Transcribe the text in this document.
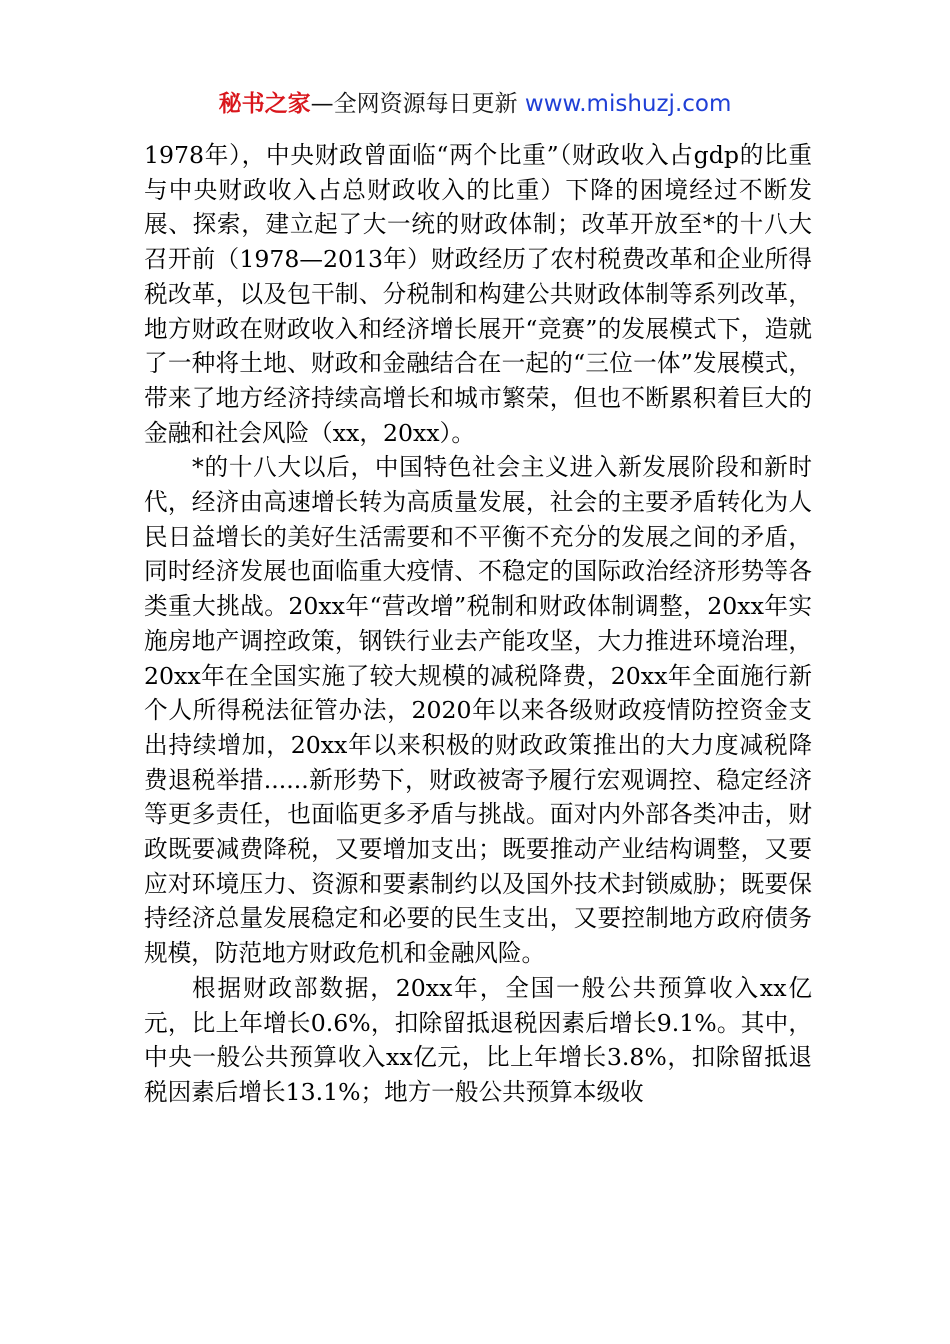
秘书之家—全网资源每日更新 www.mishuzj.com

1978年），中央财政曾面临“两个比重”（财政收入占gdp的比重与中央财政收入占总财政收入的比重）下降的困境经过不断发展、探索，建立起了大一统的财政体制；改革开放至*的十八大召开前（1978—2013年）财政经历了农村税费改革和企业所得税改革，以及包干制、分税制和构建公共财政体制等系列改革，地方财政在财政收入和经济增长展开“竞赛”的发展模式下，造就了一种将土地、财政和金融结合在一起的“三位一体”发展模式，带来了地方经济持续高增长和城市繁荣，但也不断累积着巨大的金融和社会风险（xx，20xx）。

*的十八大以后，中国特色社会主义进入新发展阶段和新时代，经济由高速增长转为高质量发展，社会的主要矛盾转化为人民日益增长的美好生活需要和不平衡不充分的发展之间的矛盾，同时经济发展也面临重大疫情、不稳定的国际政治经济形势等各类重大挑战。20xx年“营改增”税制和财政体制调整，20xx年实施房地产调控政策，钢铁行业去产能攻坚，大力推进环境治理，20xx年在全国实施了较大规模的减税降费，20xx年全面施行新个人所得税法征管办法，2020年以来各级财政疫情防控资金支出持续增加，20xx年以来积极的财政政策推出的大力度减税降费退税举措......新形势下，财政被寄予履行宏观调控、稳定经济等更多责任，也面临更多矛盾与挑战。面对内外部各类冲击，财政既要减费降税，又要增加支出；既要推动产业结构调整，又要应对环境压力、资源和要素制约以及国外技术封锁威胁；既要保持经济总量发展稳定和必要的民生支出，又要控制地方政府债务规模，防范地方财政危机和金融风险。

根据财政部数据，20xx年，全国一般公共预算收入xx亿元，比上年增长0.6%，扣除留抵退税因素后增长9.1%。其中，中央一般公共预算收入xx亿元，比上年增长3.8%，扣除留抵退税因素后增长13.1%；地方一般公共预算本级收
